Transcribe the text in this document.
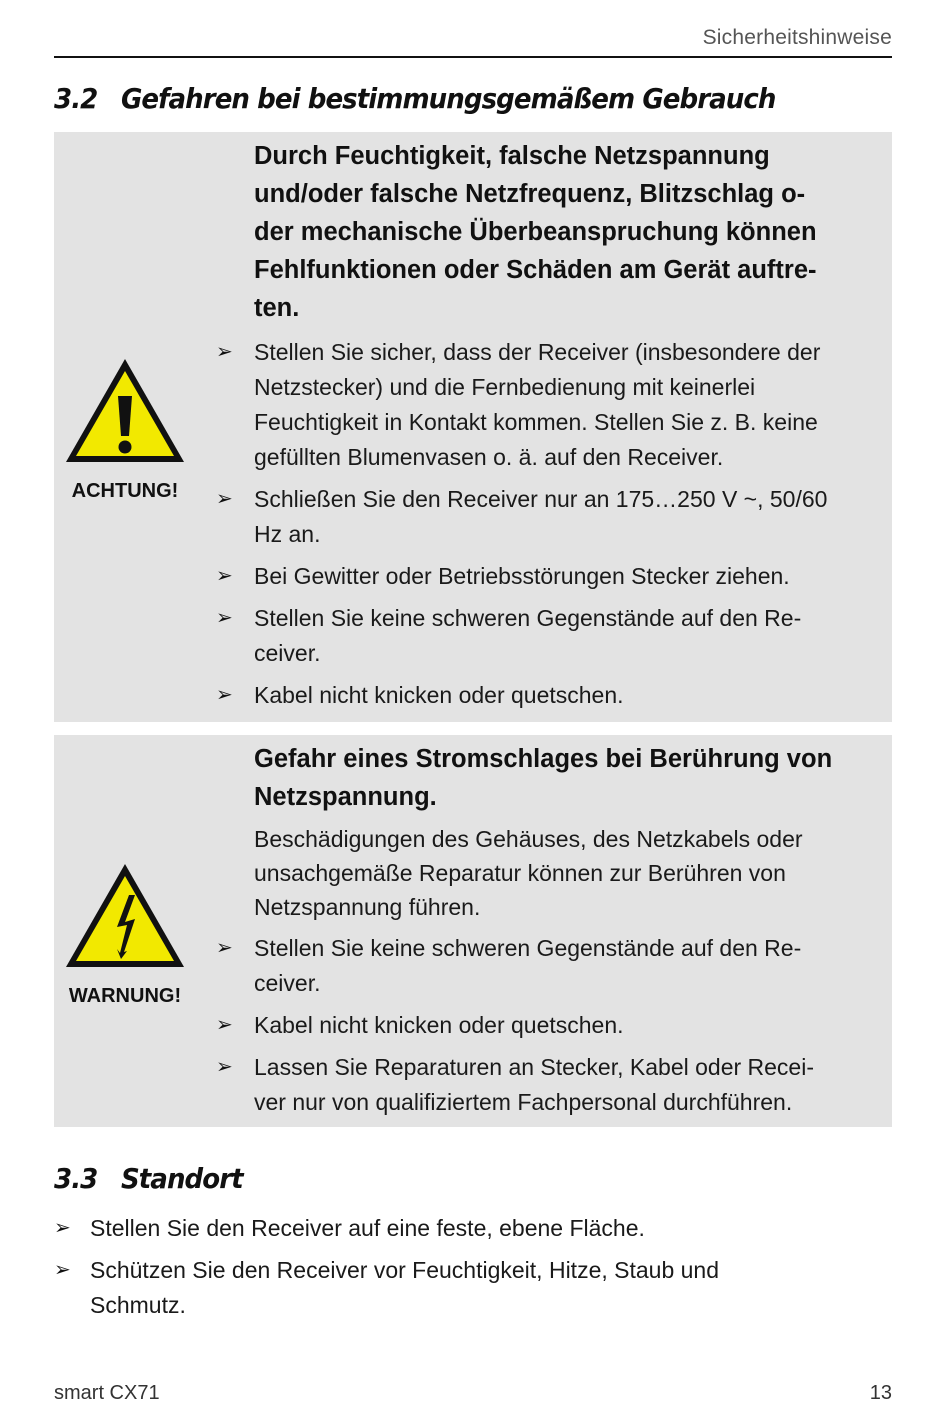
Sicherheitshinweise
3.2 Gefahren bei bestimmungsgemäßem Gebrauch
ACHTUNG!
Durch Feuchtigkeit, falsche Netzspannung
und/oder falsche Netzfrequenz, Blitzschlag o-
der mechanische Überbeanspruchung können
Fehlfunktionen oder Schäden am Gerät auftre-
ten.
➢ Stellen Sie sicher, dass der Receiver (insbesondere der
Netzstecker) und die Fernbedienung mit keinerlei
Feuchtigkeit in Kontakt kommen. Stellen Sie z. B. keine
gefüllten Blumenvasen o. ä. auf den Receiver.
➢ Schließen Sie den Receiver nur an 175…250 V ~, 50/60
Hz an.
➢ Bei Gewitter oder Betriebsstörungen Stecker ziehen.
➢ Stellen Sie keine schweren Gegenstände auf den Re-
ceiver.
➢ Kabel nicht knicken oder quetschen.
WARNUNG!
Gefahr eines Stromschlages bei Berührung von
Netzspannung.
Beschädigungen des Gehäuses, des Netzkabels oder
unsachgemäße Reparatur können zur Berühren von
Netzspannung führen.
➢ Stellen Sie keine schweren Gegenstände auf den Re-
ceiver.
➢ Kabel nicht knicken oder quetschen.
➢ Lassen Sie Reparaturen an Stecker, Kabel oder Recei-
ver nur von qualifiziertem Fachpersonal durchführen.
3.3 Standort
➢ Stellen Sie den Receiver auf eine feste, ebene Fläche.
➢ Schützen Sie den Receiver vor Feuchtigkeit, Hitze, Staub und
Schmutz.
smart CX71	13
